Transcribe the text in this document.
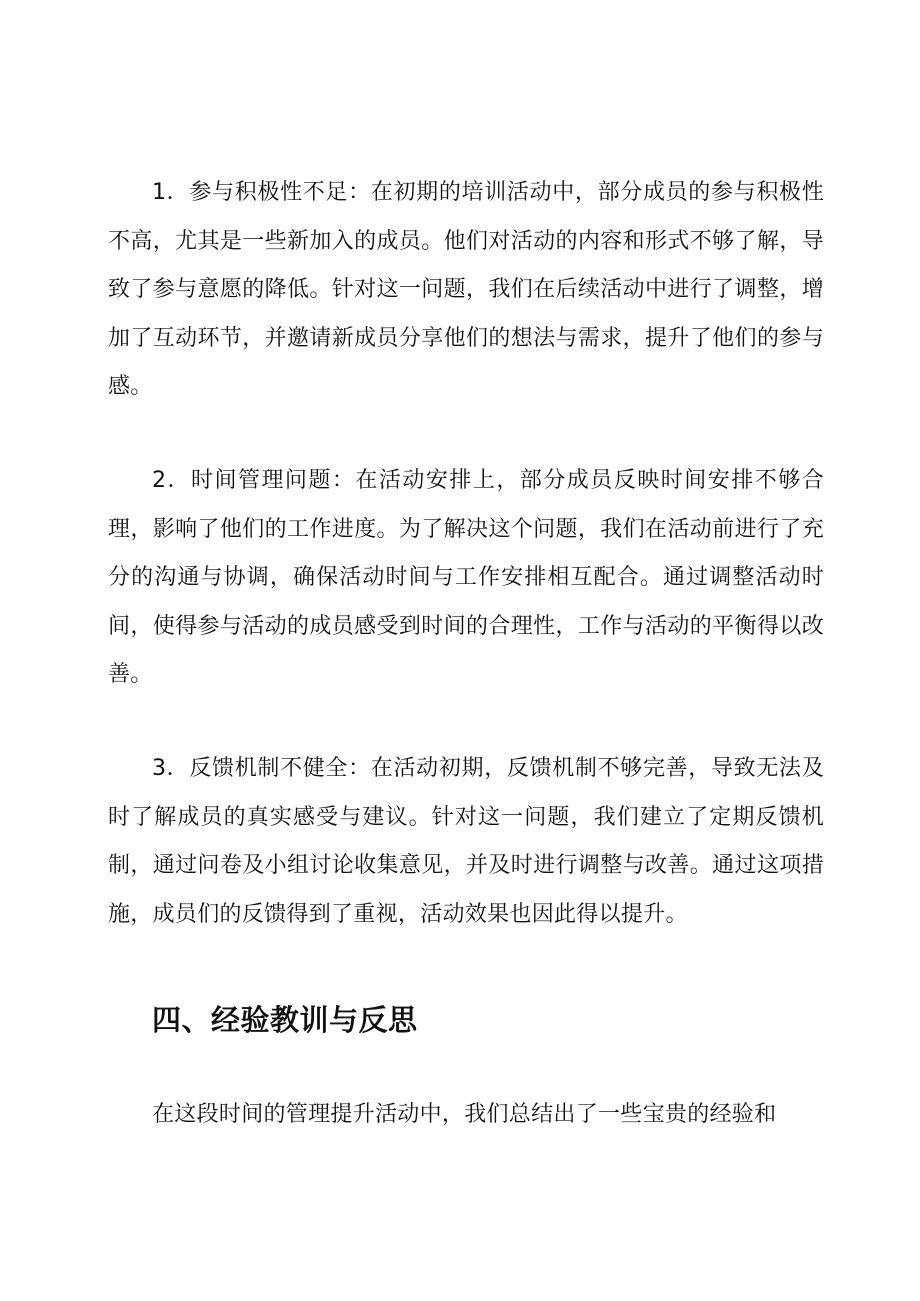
1．参与积极性不足：在初期的培训活动中，部分成员的参与积极性不高，尤其是一些新加入的成员。他们对活动的内容和形式不够了解，导致了参与意愿的降低。针对这一问题，我们在后续活动中进行了调整，增加了互动环节，并邀请新成员分享他们的想法与需求，提升了他们的参与感。

2．时间管理问题：在活动安排上，部分成员反映时间安排不够合理，影响了他们的工作进度。为了解决这个问题，我们在活动前进行了充分的沟通与协调，确保活动时间与工作安排相互配合。通过调整活动时间，使得参与活动的成员感受到时间的合理性，工作与活动的平衡得以改善。

3．反馈机制不健全：在活动初期，反馈机制不够完善，导致无法及时了解成员的真实感受与建议。针对这一问题，我们建立了定期反馈机制，通过问卷及小组讨论收集意见，并及时进行调整与改善。通过这项措施，成员们的反馈得到了重视，活动效果也因此得以提升。

四、经验教训与反思

在这段时间的管理提升活动中，我们总结出了一些宝贵的经验和
